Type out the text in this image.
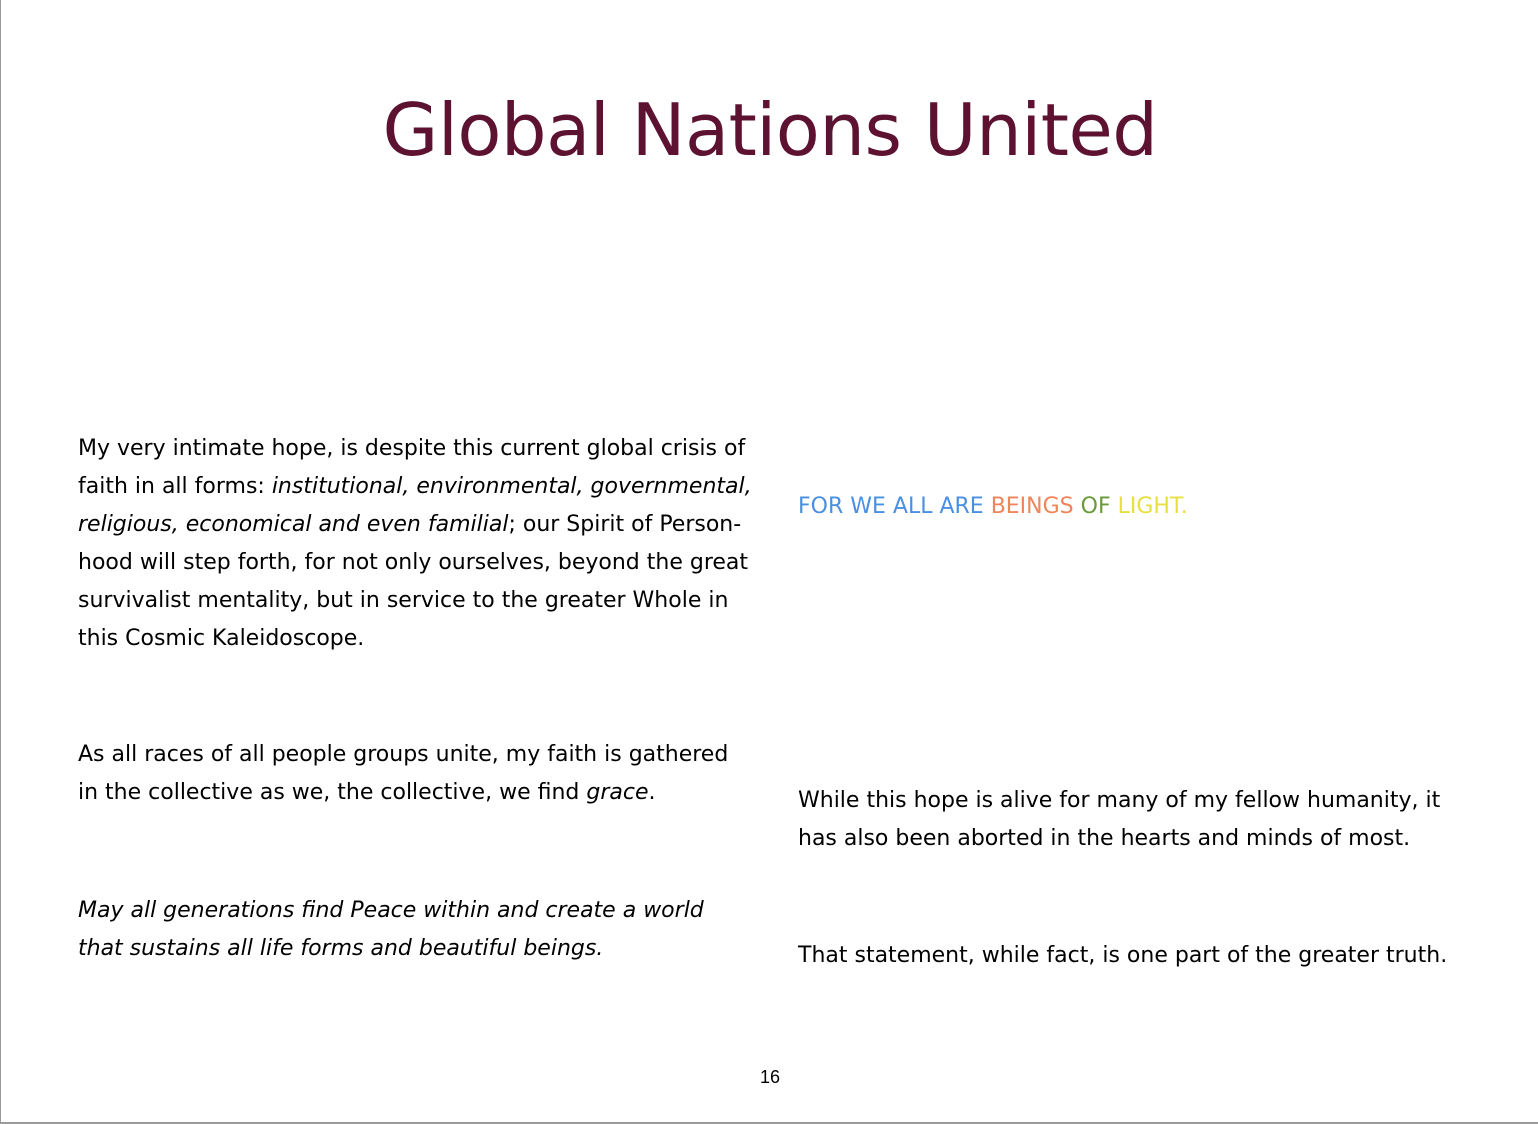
Global Nations United
My very intimate hope, is despite this current global crisis of
faith in all forms: institutional, environmental, governmental,
religious, economical and even familial; our Spirit of Person-
hood will step forth, for not only ourselves, beyond the great
survivalist mentality, but in service to the greater Whole in
this Cosmic Kaleidoscope.
As all races of all people groups unite, my faith is gathered
in the collective as we, the collective, we find grace.
May all generations find Peace within and create a world
that sustains all life forms and beautiful beings.
FOR WE ALL ARE BEINGS OF LIGHT.
While this hope is alive for many of my fellow humanity, it
has also been aborted in the hearts and minds of most.
That statement, while fact, is one part of the greater truth.
16
